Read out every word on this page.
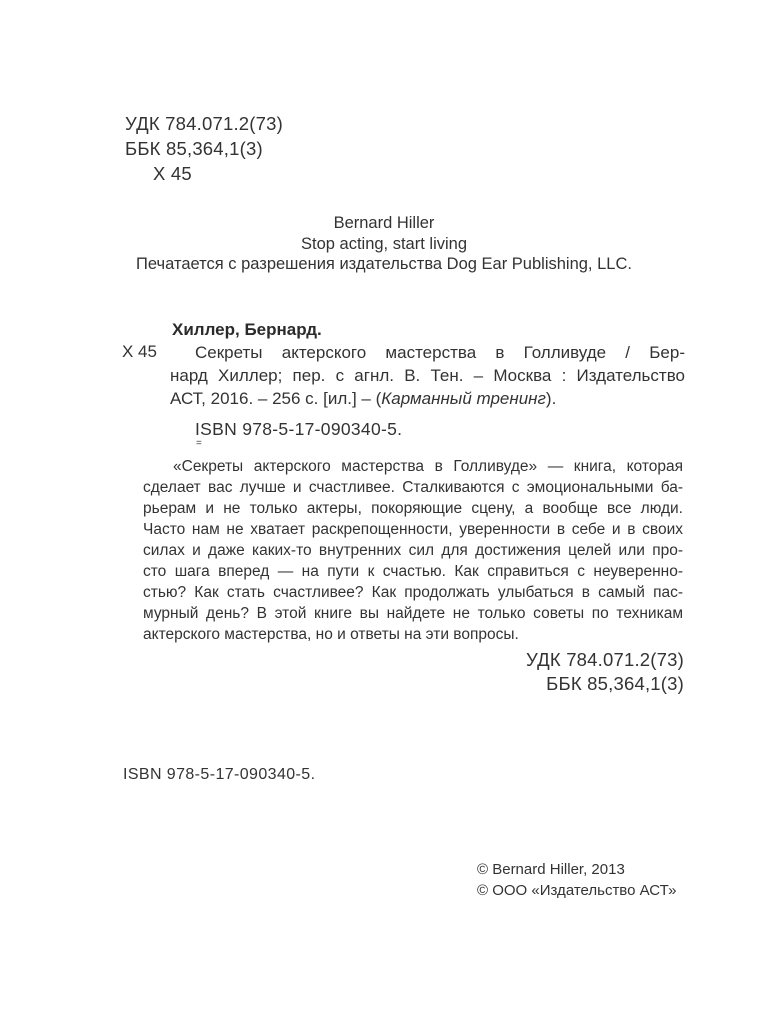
УДК 784.071.2(73)
ББК 85,364,1(3)
Х 45
Bernard Hiller
Stop acting, start living
Печатается с разрешения издательства Dog Ear Publishing, LLC.
Х 45
Хиллер, Бернард.
Секреты актерского мастерства в Голливуде / Бер-
нард Хиллер; пер. с агнл. В. Тен. – Москва : Издательство
АСТ, 2016. – 256 с. [ил.] – (Карманный тренинг).
ISBN 978-5-17-090340-5.
=
«Секреты актерского мастерства в Голливуде» — книга, которая
сделает вас лучше и счастливее. Сталкиваются с эмоциональными ба-
рьерам и не только актеры, покоряющие сцену, а вообще все люди.
Часто нам не хватает раскрепощенности, уверенности в себе и в своих
силах и даже каких-то внутренних сил для достижения целей или про-
сто шага вперед — на пути к счастью. Как справиться с неуверенно-
стью? Как стать счастливее? Как продолжать улыбаться в самый пас-
мурный день? В этой книге вы найдете не только советы по техникам
актерского мастерства, но и ответы на эти вопросы.
УДК 784.071.2(73)
ББК 85,364,1(3)
ISBN 978-5-17-090340-5.
© Bernard Hiller, 2013
© ООО «Издательство АСТ»
